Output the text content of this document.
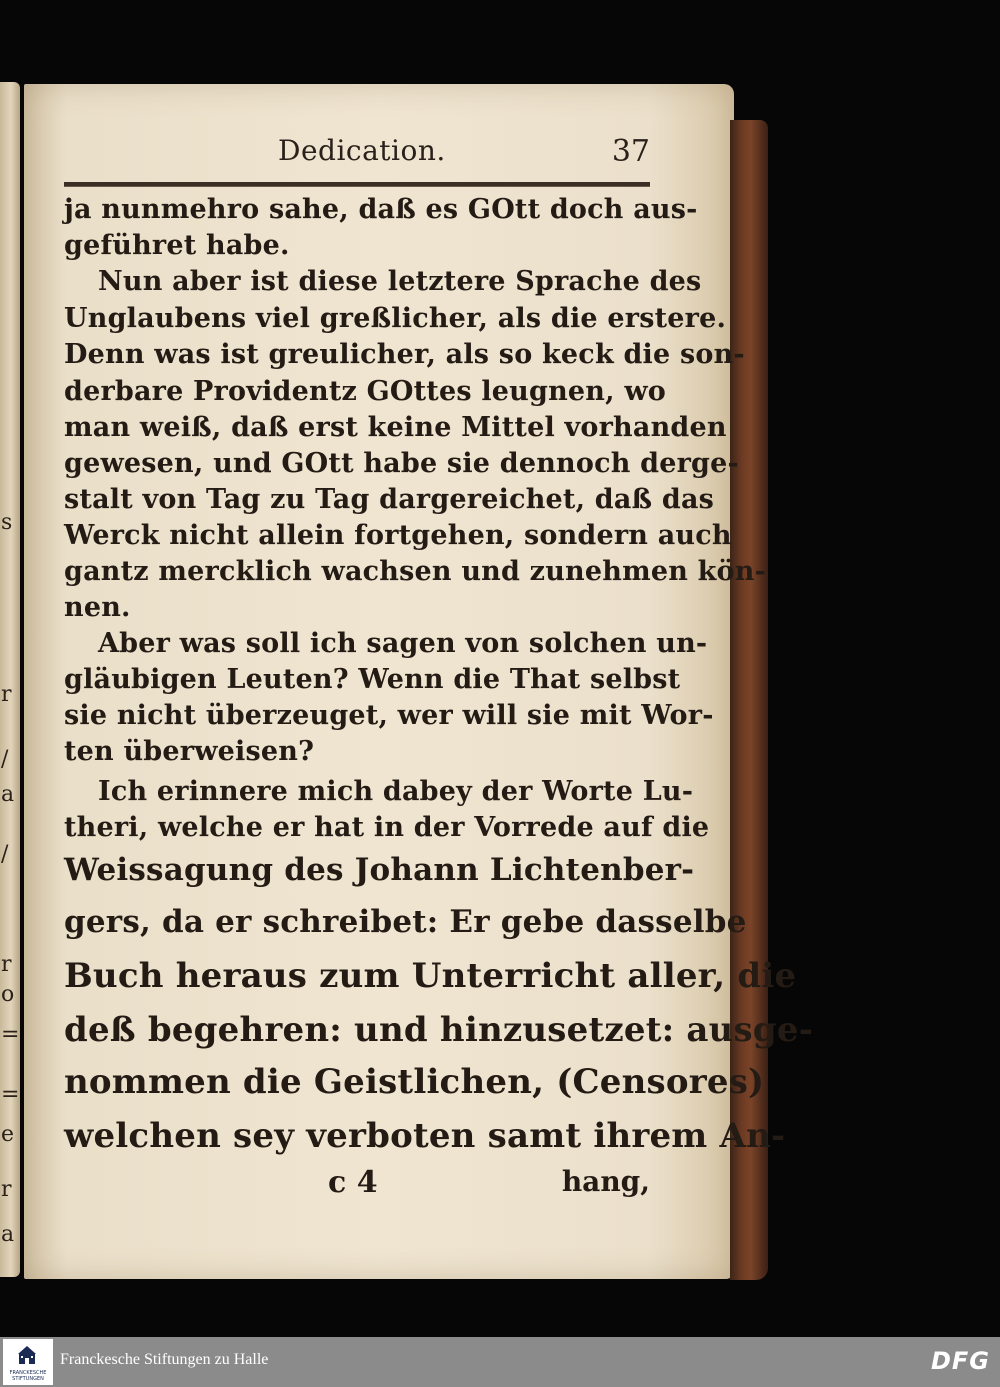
s
r
/
a
/
r
o
=
=
e
r
a
Dedication.	37
ja nunmehro sahe, daß es GOtt doch aus-
geführet habe.
Nun aber ist diese letztere Sprache des
Unglaubens viel greßlicher, als die erstere.
Denn was ist greulicher, als so keck die son-
derbare Providentz GOttes leugnen, wo
man weiß, daß erst keine Mittel vorhanden
gewesen, und GOtt habe sie dennoch derge-
stalt von Tag zu Tag dargereichet, daß das
Werck nicht allein fortgehen, sondern auch
gantz mercklich wachsen und zunehmen kön-
nen.
Aber was soll ich sagen von solchen un-
gläubigen Leuten? Wenn die That selbst
sie nicht überzeuget, wer will sie mit Wor-
ten überweisen?
Ich erinnere mich dabey der Worte Lu-
theri, welche er hat in der Vorrede auf die
Weissagung des Johann Lichtenber-
gers, da er schreibet: Er gebe dasselbe
Buch heraus zum Unterricht aller, die
deß begehren: und hinzusetzet: ausge-
nommen die Geistlichen, (Censores)
welchen sey verboten samt ihrem An-
c 4	hang,
FRANCKESCHE STIFTUNGEN
Franckesche Stiftungen zu Halle	DFG
